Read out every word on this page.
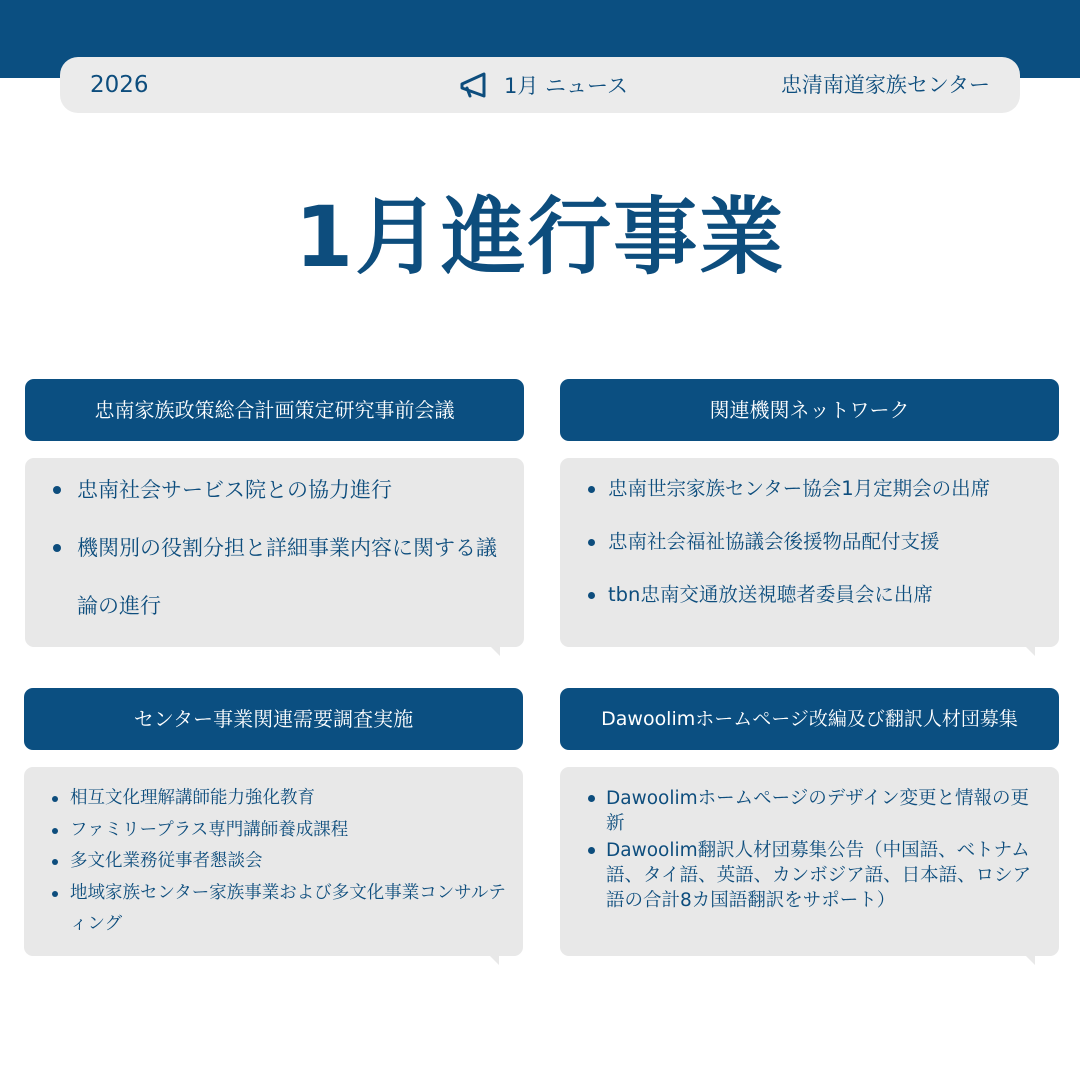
2026	1月 ニュース	忠清南道家族センター
1月進行事業
忠南家族政策総合計画策定研究事前会議
忠南社会サービス院との協力進行
機関別の役割分担と詳細事業内容に関する議論の進行
関連機関ネットワーク
忠南世宗家族センター協会1月定期会の出席
忠南社会福祉協議会後援物品配付支援
tbn忠南交通放送視聴者委員会に出席
センター事業関連需要調査実施
相互文化理解講師能力強化教育
ファミリープラス専門講師養成課程
多文化業務従事者懇談会
地域家族センター家族事業および多文化事業コンサルティング
Dawoolimホームページ改編及び翻訳人材団募集
Dawoolimホームページのデザイン変更と情報の更新
Dawoolim翻訳人材団募集公告（中国語、ベトナム語、タイ語、英語、カンボジア語、日本語、ロシア語の合計8カ国語翻訳をサポート）
